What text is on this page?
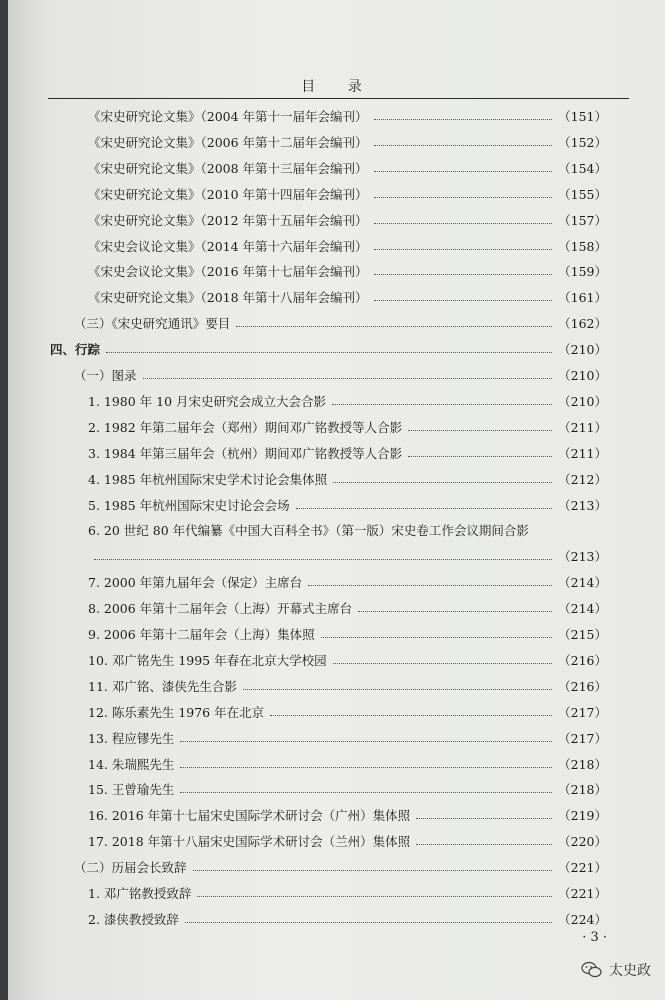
目 录
《宋史研究论文集》（2004 年第十一届年会编刊）	（151）
《宋史研究论文集》（2006 年第十二届年会编刊）	（152）
《宋史研究论文集》（2008 年第十三届年会编刊）	（154）
《宋史研究论文集》（2010 年第十四届年会编刊）	（155）
《宋史研究论文集》（2012 年第十五届年会编刊）	（157）
《宋史会议论文集》（2014 年第十六届年会编刊）	（158）
《宋史会议论文集》（2016 年第十七届年会编刊）	（159）
《宋史研究论文集》（2018 年第十八届年会编刊）	（161）
（三）《宋史研究通讯》要目	（162）
四、行踪	（210）
（一）图录	（210）
1. 1980 年 10 月宋史研究会成立大会合影	（210）
2. 1982 年第二届年会（郑州）期间邓广铭教授等人合影	（211）
3. 1984 年第三届年会（杭州）期间邓广铭教授等人合影	（211）
4. 1985 年杭州国际宋史学术讨论会集体照	（212）
5. 1985 年杭州国际宋史讨论会会场	（213）
6. 20 世纪 80 年代编纂《中国大百科全书》（第一版）宋史卷工作会议期间合影
（213）
7. 2000 年第九届年会（保定）主席台	（214）
8. 2006 年第十二届年会（上海）开幕式主席台	（214）
9. 2006 年第十二届年会（上海）集体照	（215）
10. 邓广铭先生 1995 年春在北京大学校园	（216）
11. 邓广铭、漆侠先生合影	（216）
12. 陈乐素先生 1976 年在北京	（217）
13. 程应镠先生	（217）
14. 朱瑞熙先生	（218）
15. 王曾瑜先生	（218）
16. 2016 年第十七届宋史国际学术研讨会（广州）集体照	（219）
17. 2018 年第十八届宋史国际学术研讨会（兰州）集体照	（220）
（二）历届会长致辞	（221）
1. 邓广铭教授致辞	（221）
2. 漆侠教授致辞	（224）
· 3 ·
太史政
